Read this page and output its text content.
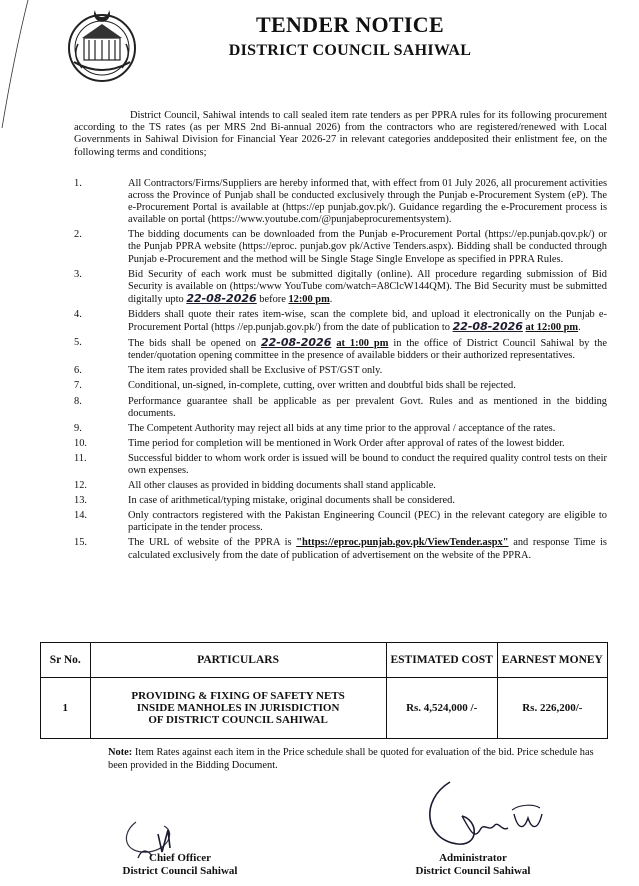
TENDER NOTICE
DISTRICT COUNCIL SAHIWAL
District Council, Sahiwal intends to call sealed item rate tenders as per PPRA rules for its following procurement according to the TS rates (as per MRS 2nd Bi-annual 2026) from the contractors who are registered/renewed with Local Governments in Sahiwal Division for Financial Year 2026-27 in relevant categories anddeposited their enlistment fee, on the following terms and conditions;
1.	All Contractors/Firms/Suppliers are hereby informed that, with effect from 01 July 2026, all procurement activities across the Province of Punjab shall be conducted exclusively through the Punjab e-Procurement System (eP). The e-Procurement Portal is available at (https://ep punjab.gov.pk/). Guidance regarding the e-Procurement process is available on portal (https://www.youtube.com/@punjabeprocurementsystem).
2.	The bidding documents can be downloaded from the Punjab e-Procurement Portal (https://ep.punjab.qov.pk/) or the Punjab PPRA website (https://eproc. punjab.gov pk/Active Tenders.aspx). Bidding shall be conducted through Punjab e-Procurement and the method will be Single Stage Single Envelope as specified in PPRA Rules.
3.	Bid Security of each work must be submitted digitally (online). All procedure regarding submission of Bid Security is available on (https:/www YouTube com/watch=A8ClcW144QM). The Bid Security must be submitted digitally upto 22-08-2026 before 12:00 pm.
4.	Bidders shall quote their rates item-wise, scan the complete bid, and upload it electronically on the Punjab e-Procurement Portal (https //ep.punjab.gov.pk/) from the date of publication to 22-08-2026 at 12:00 pm.
5.	The bids shall be opened on 22-08-2026 at 1:00 pm in the office of District Council Sahiwal by the tender/quotation opening committee in the presence of available bidders or their authorized representatives.
6.	The item rates provided shall be Exclusive of PST/GST only.
7.	Conditional, un-signed, in-complete, cutting, over written and doubtful bids shall be rejected.
8.	Performance guarantee shall be applicable as per prevalent Govt. Rules and as mentioned in the bidding documents.
9.	The Competent Authority may reject all bids at any time prior to the approval / acceptance of the rates.
10.	Time period for completion will be mentioned in Work Order after approval of rates of the lowest bidder.
11.	Successful bidder to whom work order is issued will be bound to conduct the required quality control tests on their own expenses.
12.	All other clauses as provided in bidding documents shall stand applicable.
13.	In case of arithmetical/typing mistake, original documents shall be considered.
14.	Only contractors registered with the Pakistan Engineering Council (PEC) in the relevant category are eligible to participate in the tender process.
15.	The URL of website of the PPRA is "https://eproc.punjab.gov.pk/ViewTender.aspx" and response Time is calculated exclusively from the date of publication of advertisement on the website of the PPRA.
Sr No.	PARTICULARS	ESTIMATED COST	EARNEST MONEY
1	PROVIDING & FIXING OF SAFETY NETS INSIDE MANHOLES IN JURISDICTION OF DISTRICT COUNCIL SAHIWAL	Rs. 4,524,000 /-	Rs. 226,200/-
Note: Item Rates against each item in the Price schedule shall be quoted for evaluation of the bid. Price schedule has been provided in the Bidding Document.
Chief Officer
District Council Sahiwal
Administrator
District Council Sahiwal
